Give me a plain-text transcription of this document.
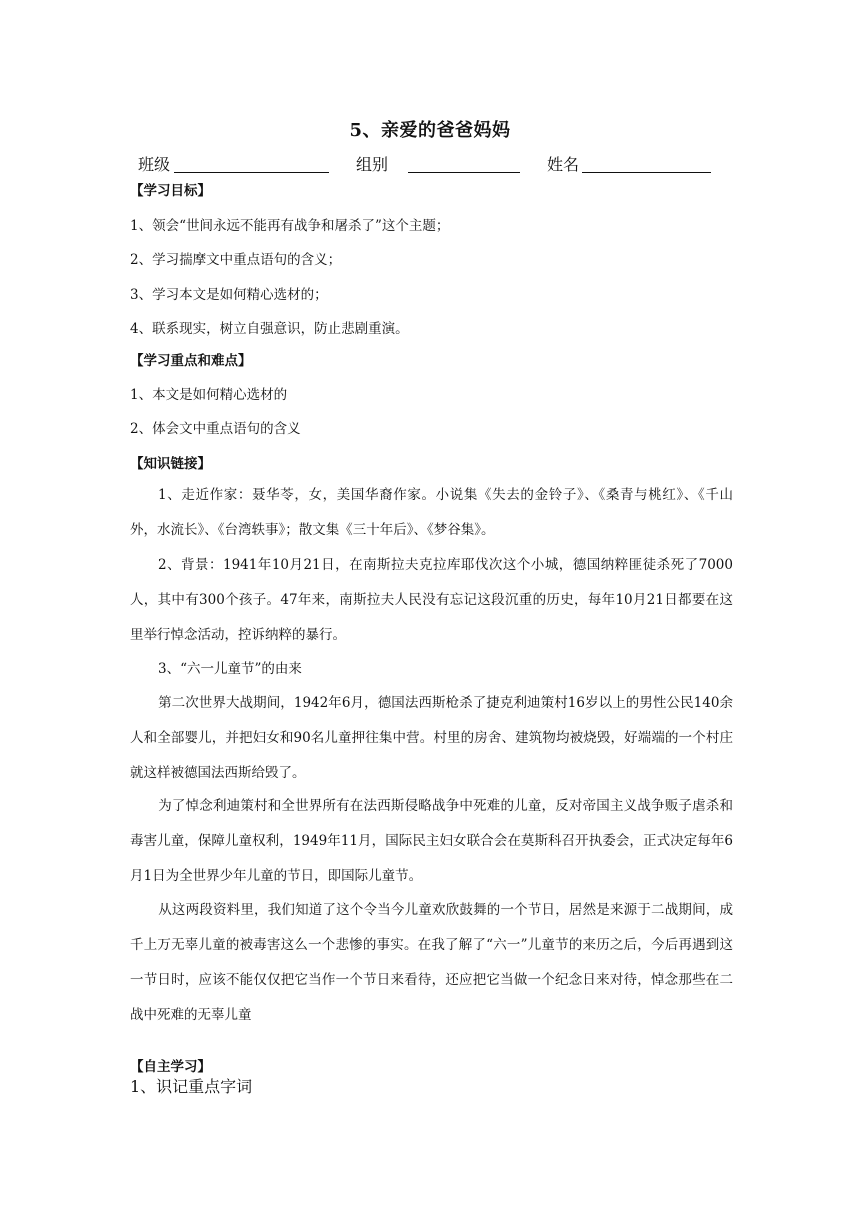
5、亲爱的爸爸妈妈
班级	组别	姓名
【学习目标】
1、领会“世间永远不能再有战争和屠杀了”这个主题；
2、学习揣摩文中重点语句的含义；
3、学习本文是如何精心选材的；
4、联系现实，树立自强意识，防止悲剧重演。
【学习重点和难点】
1、本文是如何精心选材的
2、体会文中重点语句的含义
【知识链接】
1、走近作家：聂华苓，女，美国华裔作家。小说集《失去的金铃子》、《桑青与桃红》、《千山外，水流长》、《台湾轶事》；散文集《三十年后》、《梦谷集》。
2、背景：1941年10月21日，在南斯拉夫克拉库耶伐次这个小城，德国纳粹匪徒杀死了7000人，其中有300个孩子。47年来，南斯拉夫人民没有忘记这段沉重的历史，每年10月21日都要在这里举行悼念活动，控诉纳粹的暴行。
3、“六一儿童节”的由来
第二次世界大战期间，1942年6月，德国法西斯枪杀了捷克利迪策村16岁以上的男性公民140余人和全部婴儿，并把妇女和90名儿童押往集中营。村里的房舍、建筑物均被烧毁，好端端的一个村庄就这样被德国法西斯给毁了。
为了悼念利迪策村和全世界所有在法西斯侵略战争中死难的儿童，反对帝国主义战争贩子虐杀和毒害儿童，保障儿童权利，1949年11月，国际民主妇女联合会在莫斯科召开执委会，正式决定每年6月1日为全世界少年儿童的节日，即国际儿童节。
从这两段资料里，我们知道了这个令当今儿童欢欣鼓舞的一个节日，居然是来源于二战期间，成千上万无辜儿童的被毒害这么一个悲惨的事实。在我了解了“六一”儿童节的来历之后，今后再遇到这一节日时，应该不能仅仅把它当作一个节日来看待，还应把它当做一个纪念日来对待，悼念那些在二战中死难的无辜儿童
【自主学习】
1、识记重点字词
